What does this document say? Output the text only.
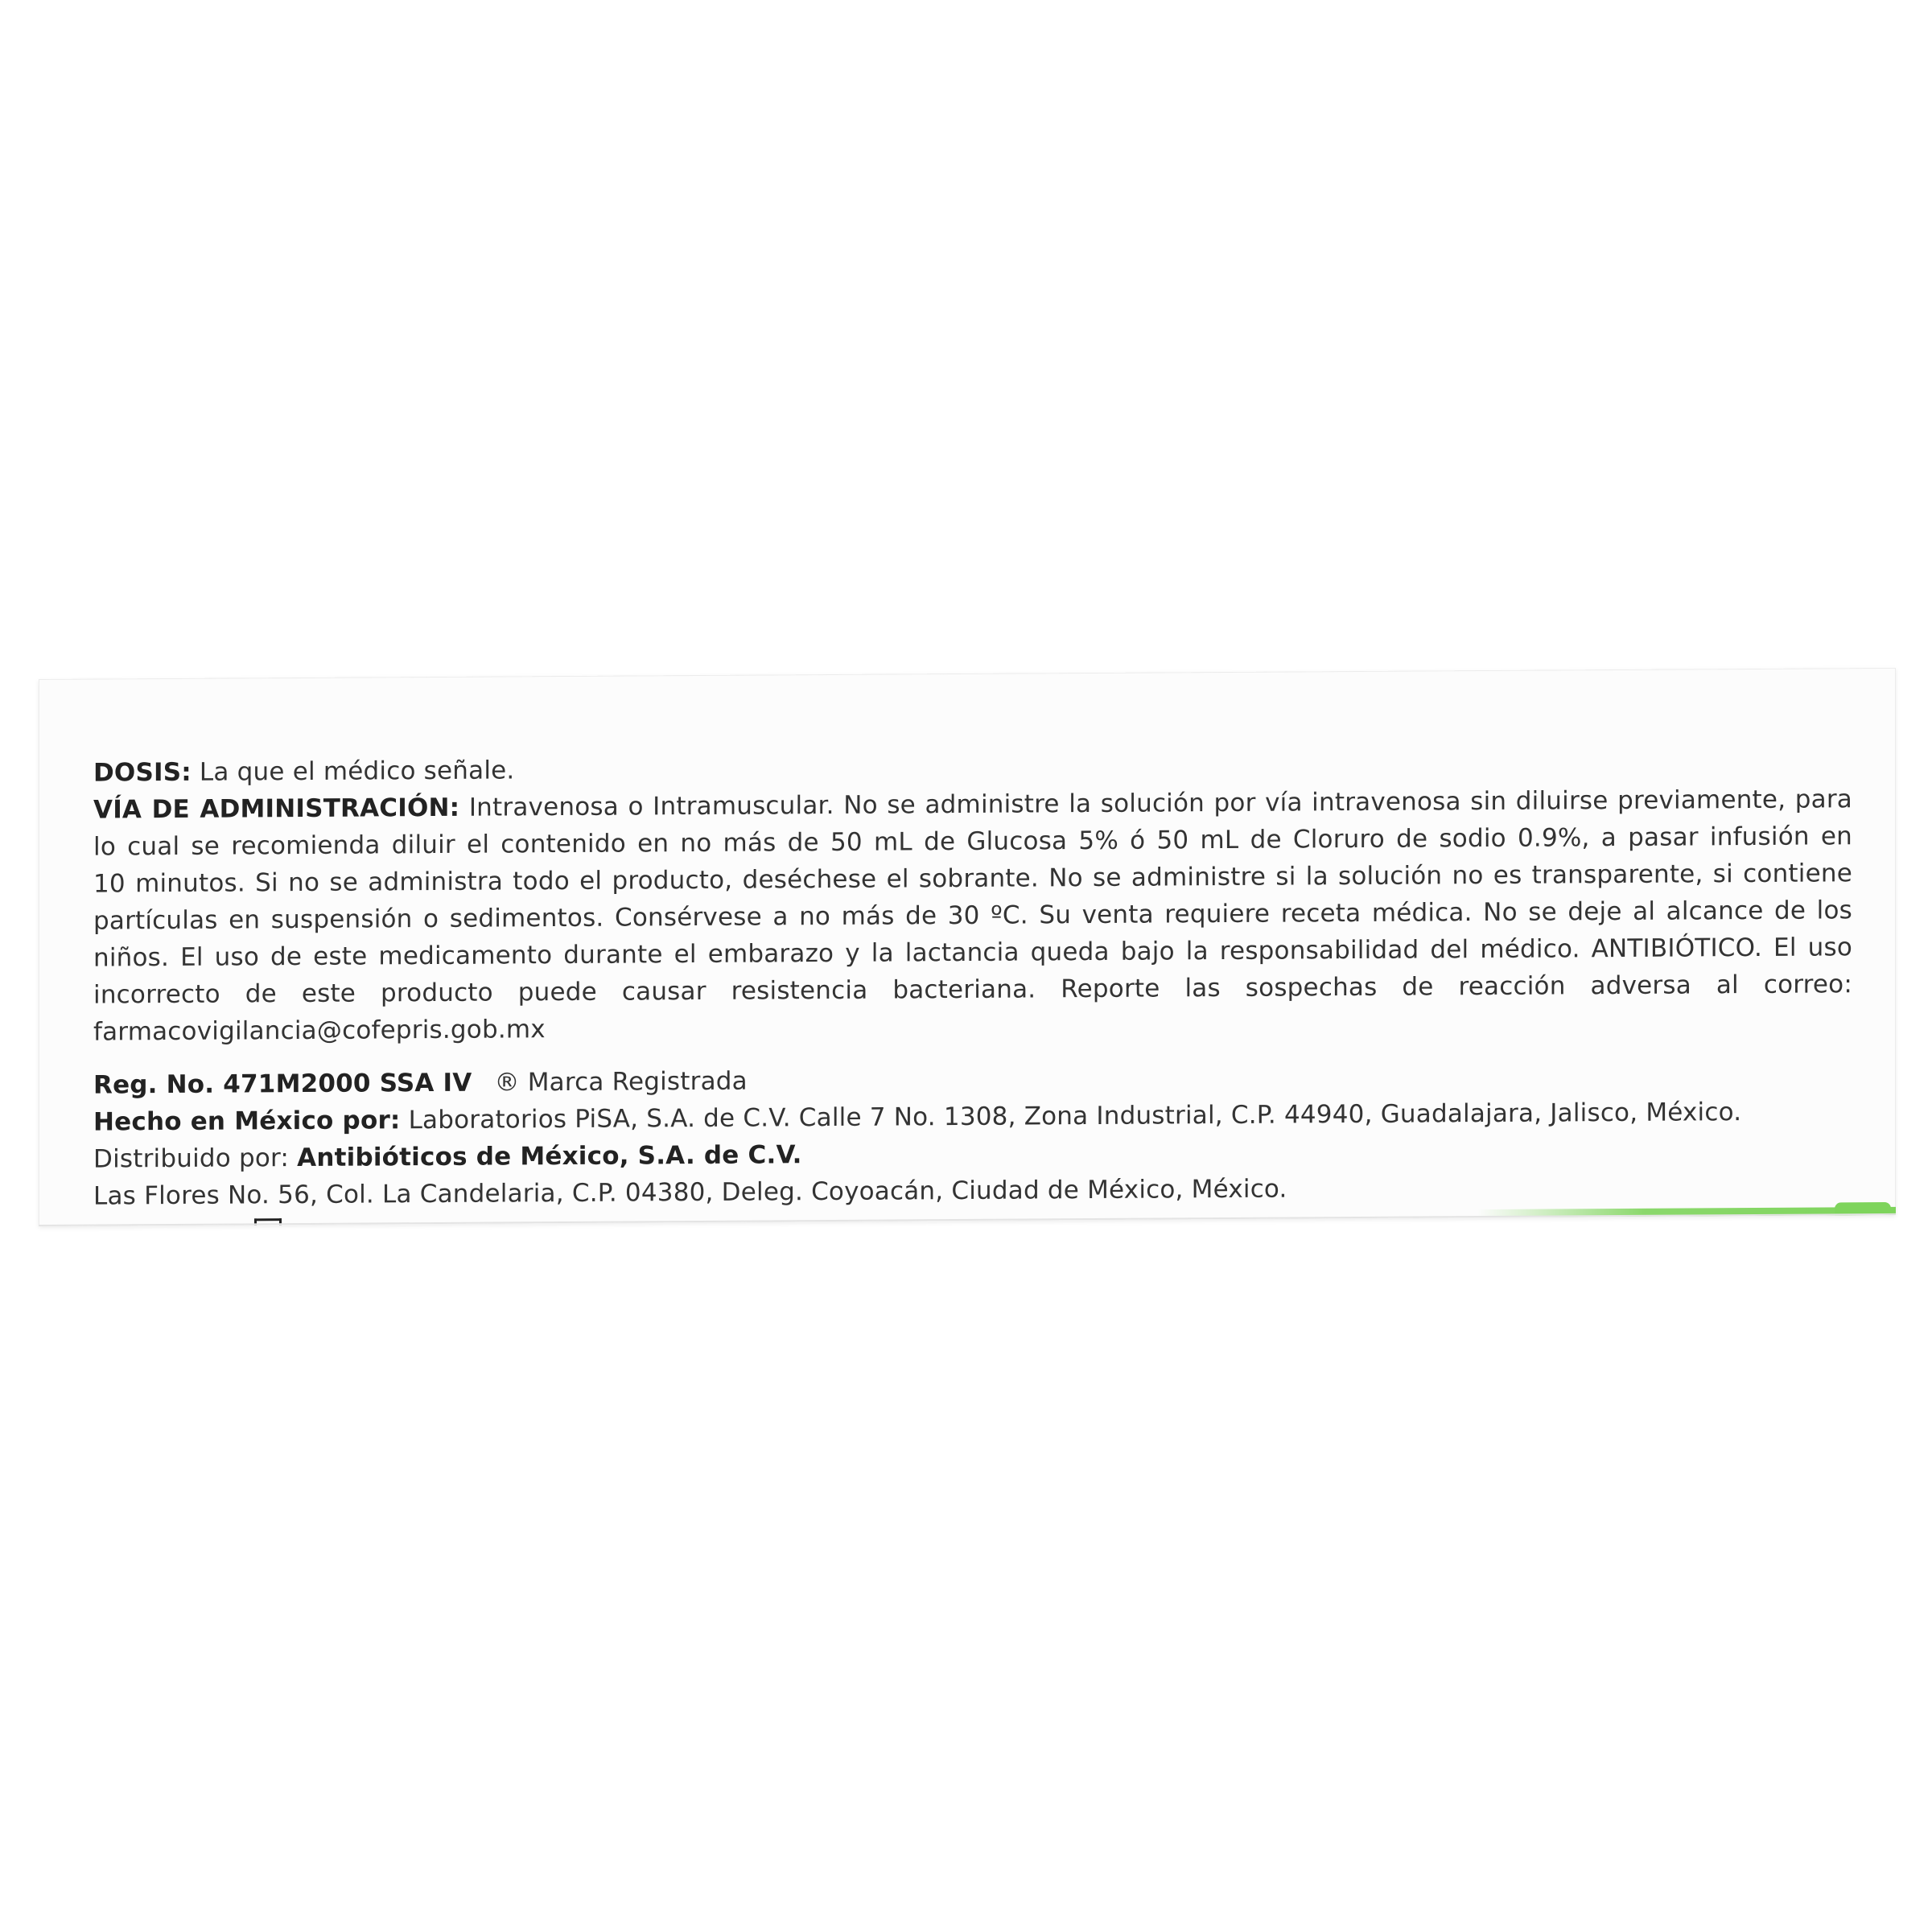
DOSIS: La que el médico señale.

VÍA DE ADMINISTRACIÓN: Intravenosa o Intramuscular. No se administre la solución por vía intravenosa sin diluirse previamente, para

lo cual se recomienda diluir el contenido en no más de 50 mL de Glucosa 5% ó 50 mL de Cloruro de sodio 0.9%, a pasar infusión en

10 minutos. Si no se administra todo el producto, deséchese el sobrante. No se administre si la solución no es transparente, si contiene

partículas en suspensión o sedimentos. Consérvese a no más de 30 ºC. Su venta requiere receta médica. No se deje al alcance de los

niños. El uso de este medicamento durante el embarazo y la lactancia queda bajo la responsabilidad del médico. ANTIBIÓTICO. El uso

incorrecto de este producto puede causar resistencia bacteriana. Reporte las sospechas de reacción adversa al correo:

farmacovigilancia@cofepris.gob.mx

Reg. No. 471M2000 SSA IV ® Marca Registrada

Hecho en México por: Laboratorios PiSA, S.A. de C.V. Calle 7 No. 1308, Zona Industrial, C.P. 44940, Guadalajara, Jalisco, México.

Distribuido por: Antibióticos de México, S.A. de C.V.

Las Flores No. 56, Col. La Candelaria, C.P. 04380, Deleg. Coyoacán, Ciudad de México, México.
